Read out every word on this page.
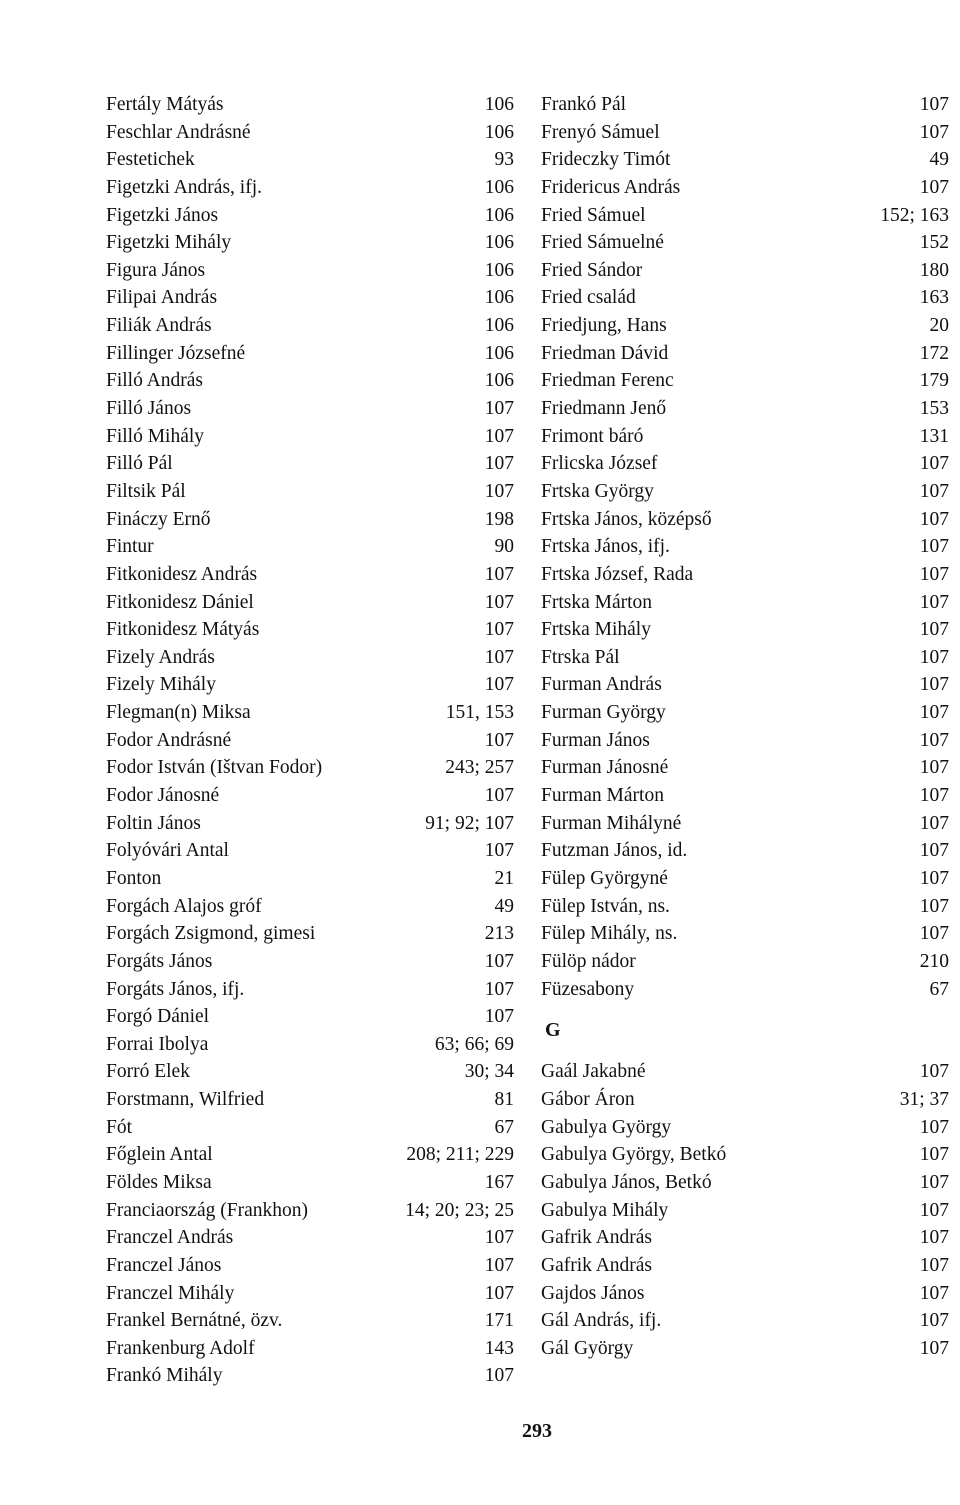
Fertály Mátyás	106
Feschlar Andrásné	106
Festetichek	93
Figetzki András, ifj.	106
Figetzki János	106
Figetzki Mihály	106
Figura János	106
Filipai András	106
Filiák András	106
Fillinger Józsefné	106
Filló András	106
Filló János	107
Filló Mihály	107
Filló Pál	107
Filtsik Pál	107
Fináczy Ernő	198
Fintur	90
Fitkonidesz András	107
Fitkonidesz Dániel	107
Fitkonidesz Mátyás	107
Fizely András	107
Fizely Mihály	107
Flegman(n) Miksa	151, 153
Fodor Andrásné	107
Fodor István (Ištvan Fodor)	243; 257
Fodor Jánosné	107
Foltin János	91; 92; 107
Folyóvári Antal	107
Fonton	21
Forgách Alajos gróf	49
Forgách Zsigmond, gimesi	213
Forgáts János	107
Forgáts János, ifj.	107
Forgó Dániel	107
Forrai Ibolya	63; 66; 69
Forró Elek	30; 34
Forstmann, Wilfried	81
Fót	67
Főglein Antal	208; 211; 229
Földes Miksa	167
Franciaország (Frankhon)	14; 20; 23; 25
Franczel András	107
Franczel János	107
Franczel Mihály	107
Frankel Bernátné, özv.	171
Frankenburg Adolf	143
Frankó Mihály	107
Frankó Pál	107
Frenyó Sámuel	107
Frideczky Timót	49
Fridericus András	107
Fried Sámuel	152; 163
Fried Sámuelné	152
Fried Sándor	180
Fried család	163
Friedjung, Hans	20
Friedman Dávid	172
Friedman Ferenc	179
Friedmann Jenő	153
Frimont báró	131
Frlicska József	107
Frtska György	107
Frtska János, középső	107
Frtska János, ifj.	107
Frtska József, Rada	107
Frtska Márton	107
Frtska Mihály	107
Ftrska Pál	107
Furman András	107
Furman György	107
Furman János	107
Furman Jánosné	107
Furman Márton	107
Furman Mihályné	107
Futzman János, id.	107
Fülep Györgyné	107
Fülep István, ns.	107
Fülep Mihály, ns.	107
Fülöp nádor	210
Füzesabony	67
G
Gaál Jakabné	107
Gábor Áron	31; 37
Gabulya György	107
Gabulya György, Betkó	107
Gabulya János, Betkó	107
Gabulya Mihály	107
Gafrik András	107
Gafrik András	107
Gajdos János	107
Gál András, ifj.	107
Gál György	107
293
